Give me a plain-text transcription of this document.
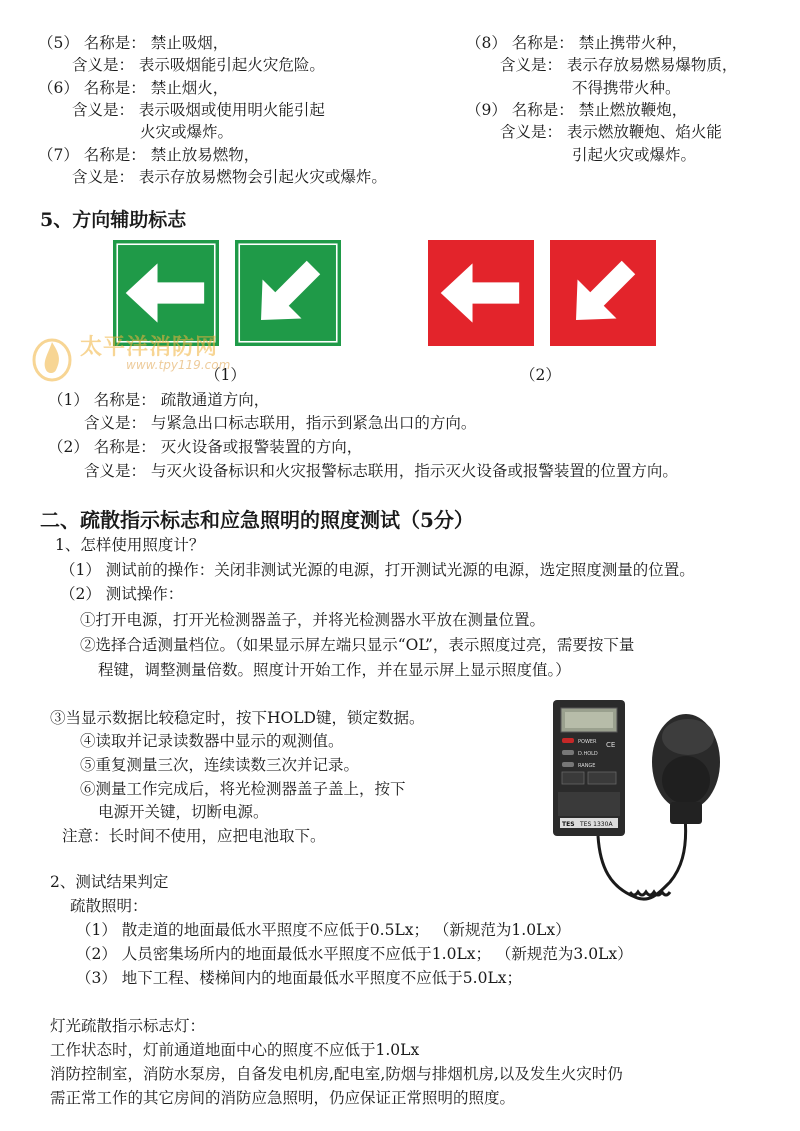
（5） 名称是： 禁止吸烟，
含义是： 表示吸烟能引起火灾危险。
（6） 名称是： 禁止烟火，
含义是： 表示吸烟或使用明火能引起
火灾或爆炸。
（7） 名称是： 禁止放易燃物，
含义是： 表示存放易燃物会引起火灾或爆炸。
（8） 名称是： 禁止携带火种，
含义是： 表示存放易燃易爆物质，
不得携带火种。
（9） 名称是： 禁止燃放鞭炮，
含义是： 表示燃放鞭炮、焰火能
引起火灾或爆炸。
5、方向辅助标志
太平洋消防网
www.tpy119.com
（1）	（2）
（1） 名称是： 疏散通道方向，
含义是： 与紧急出口标志联用，指示到紧急出口的方向。
（2） 名称是： 灭火设备或报警装置的方向，
含义是： 与灭火设备标识和火灾报警标志联用，指示灭火设备或报警装置的位置方向。
二、疏散指示标志和应急照明的照度测试（5分）
1、怎样使用照度计？
（1） 测试前的操作：关闭非测试光源的电源，打开测试光源的电源，选定照度测量的位置。
（2） 测试操作：
①打开电源，打开光检测器盖子，并将光检测器水平放在测量位置。
②选择合适测量档位。（如果显示屏左端只显示“OL”，表示照度过亮，需要按下量
程键，调整测量倍数。照度计开始工作，并在显示屏上显示照度值。）
③当显示数据比较稳定时，按下HOLD键，锁定数据。
④读取并记录读数器中显示的观测值。
⑤重复测量三次，连续读数三次并记录。
⑥测量工作完成后，将光检测器盖子盖上，按下
电源开关键，切断电源。
注意：长时间不使用，应把电池取下。
POWER CE
D.HOLD
RANGE
TES TES 1330A
2、测试结果判定
疏散照明：
（1） 散走道的地面最低水平照度不应低于0.5Lx； （新规范为1.0Lx）
（2） 人员密集场所内的地面最低水平照度不应低于1.0Lx； （新规范为3.0Lx）
（3） 地下工程、楼梯间内的地面最低水平照度不应低于5.0Lx；
灯光疏散指示标志灯：
工作状态时，灯前通道地面中心的照度不应低于1.0Lx
消防控制室，消防水泵房，自备发电机房,配电室,防烟与排烟机房,以及发生火灾时仍
需正常工作的其它房间的消防应急照明，仍应保证正常照明的照度。
